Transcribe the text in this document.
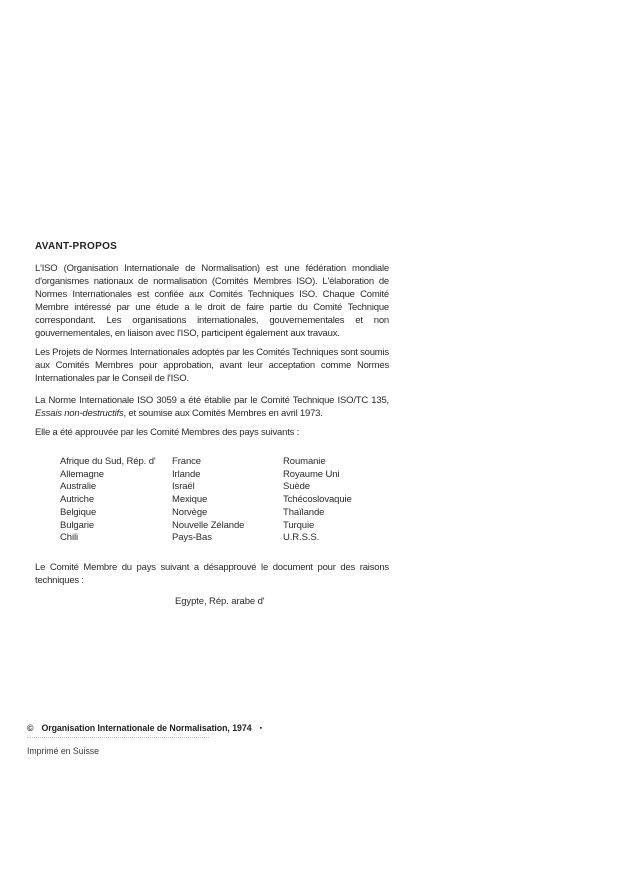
AVANT-PROPOS

L'ISO (Organisation Internationale de Normalisation) est une fédération mondiale d'organismes nationaux de normalisation (Comités Membres ISO). L'élaboration de Normes Internationales est confiée aux Comités Techniques ISO. Chaque Comité Membre intéressé par une étude a le droit de faire partie du Comité Technique correspondant. Les organisations internationales, gouvernementales et non gouvernementales, en liaison avec l'ISO, participent également aux travaux.

Les Projets de Normes Internationales adoptés par les Comités Techniques sont soumis aux Comités Membres pour approbation, avant leur acceptation comme Normes Internationales par le Conseil de l'ISO.

La Norme Internationale ISO 3059 a été établie par le Comité Technique ISO/TC 135, Essais non-destructifs, et soumise aux Comités Membres en avril 1973.

Elle a été approuvée par les Comité Membres des pays suivants :

Afrique du Sud, Rép. d'
Allemagne
Australie
Autriche
Belgique
Bulgarie
Chili
France
Irlande
Israël
Mexique
Norvège
Nouvelle Zélande
Pays-Bas
Roumanie
Royaume Uni
Suède
Tchécoslovaquie
Thaïlande
Turquie
U.R.S.S.

Le Comité Membre du pays suivant a désapprouvé le document pour des raisons techniques :

Egypte, Rép. arabe d'

© Organisation Internationale de Normalisation, 1974 ▪

Imprimé en Suisse
